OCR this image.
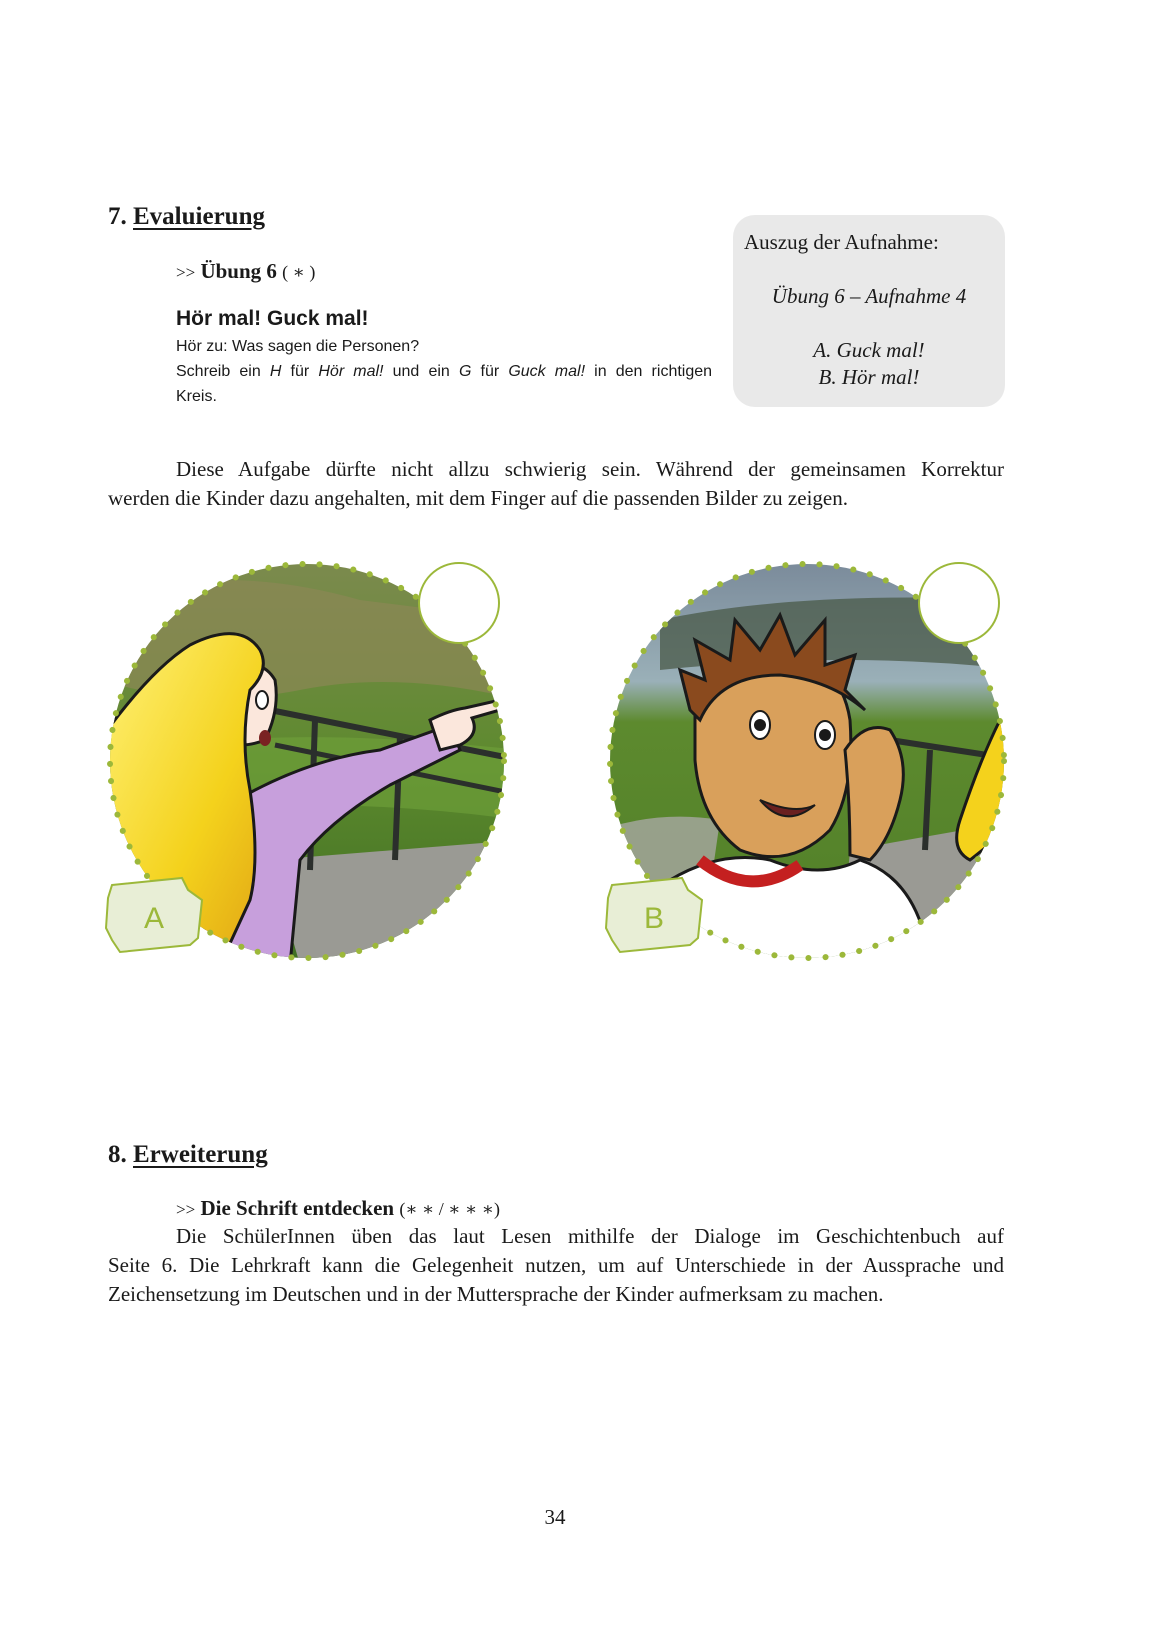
7. Evaluierung
>> Übung 6 ( ∗ )
Hör mal! Guck mal!
Hör zu: Was sagen die Personen?
Schreib ein H für Hör mal! und ein G für Guck mal! in den richtigen
Kreis.
Auszug der Aufnahme:
Übung 6 – Aufnahme 4
A. Guck mal!
B. Hör mal!
Diese Aufgabe dürfte nicht allzu schwierig sein. Während der gemeinsamen Korrektur
werden die Kinder dazu angehalten, mit dem Finger auf die passenden Bilder zu zeigen.
A	B
8. Erweiterung
>> Die Schrift entdecken (∗ ∗ / ∗ ∗ ∗)
Die SchülerInnen üben das laut Lesen mithilfe der Dialoge im Geschichtenbuch auf
Seite 6. Die Lehrkraft kann die Gelegenheit nutzen, um auf Unterschiede in der Aussprache und
Zeichensetzung im Deutschen und in der Muttersprache der Kinder aufmerksam zu machen.
34
